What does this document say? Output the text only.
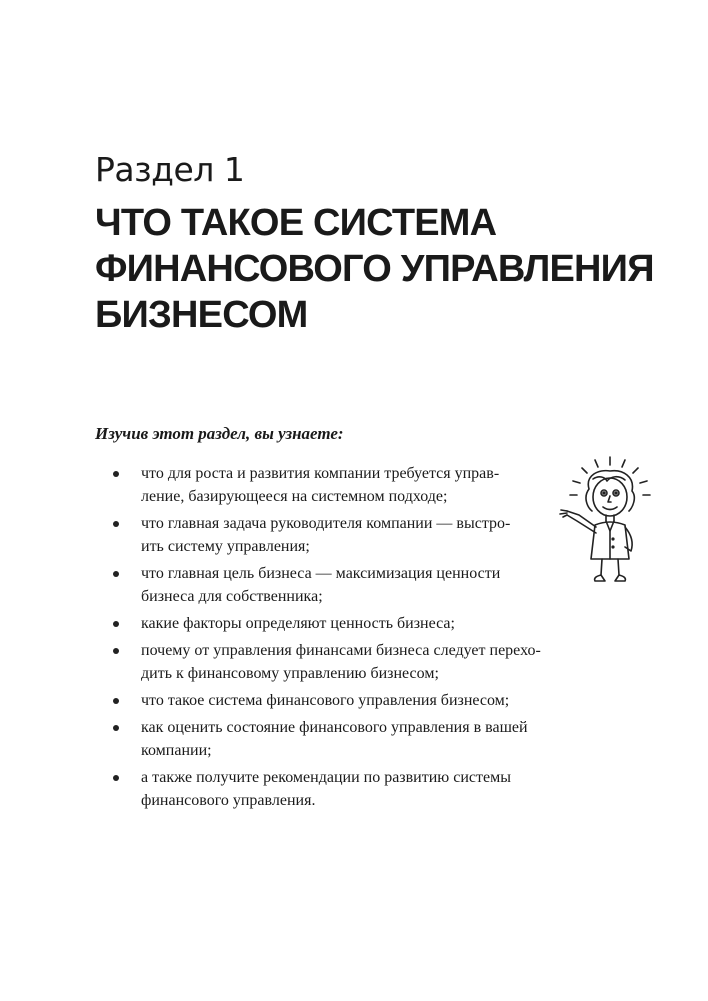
Раздел 1
ЧТО ТАКОЕ СИСТЕМА
ФИНАНСОВОГО УПРАВЛЕНИЯ
БИЗНЕСОМ
Изучив этот раздел, вы узнаете:
что для роста и развития компании требуется управ-
ление, базирующееся на системном подходе;
что главная задача руководителя компании — выстро-
ить систему управления;
что главная цель бизнеса — максимизация ценности
бизнеса для собственника;
какие факторы определяют ценность бизнеса;
почему от управления финансами бизнеса следует перехо-
дить к финансовому управлению бизнесом;
что такое система финансового управления бизнесом;
как оценить состояние финансового управления в вашей
компании;
а также получите рекомендации по развитию системы
финансового управления.
